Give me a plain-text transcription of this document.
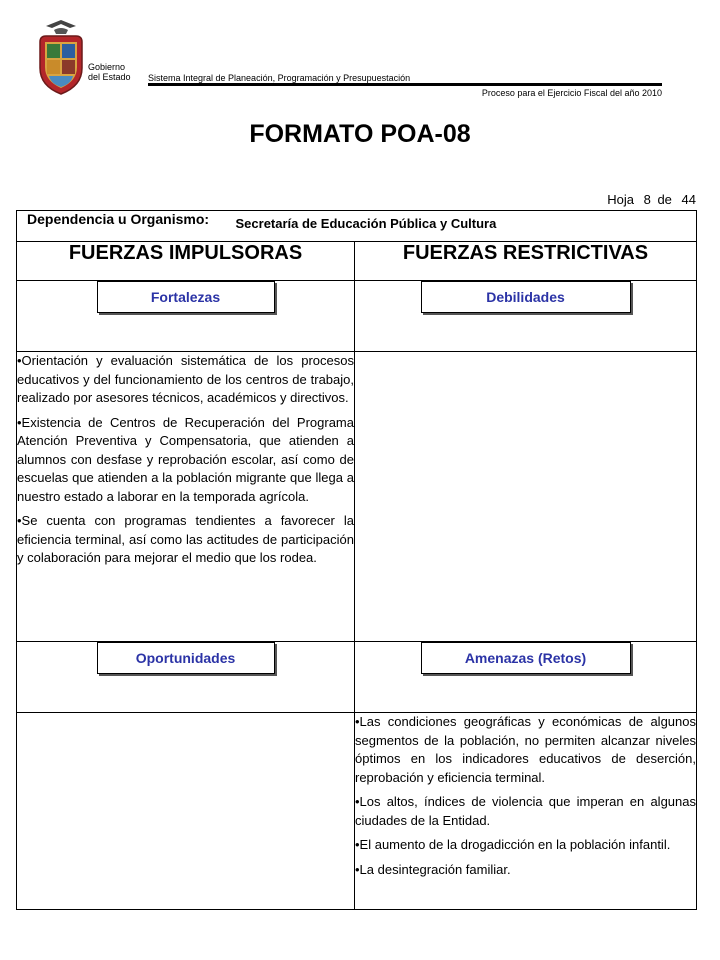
Gobierno
del Estado Sistema Integral de Planeación, Programación y Presupuestación
Proceso para el Ejercicio Fiscal del año 2010
FORMATO POA-08
Hoja 8 de 44
Dependencia u Organismo: Secretaría de Educación Pública y Cultura	
FUERZAS IMPULSORAS	FUERZAS RESTRICTIVAS
Fortalezas	Debilidades

•Orientación y evaluación sistemática de los procesos educativos y del funcionamiento de los centros de trabajo, realizado por asesores técnicos, académicos y directivos.

•Existencia de Centros de Recuperación del Programa Atención Preventiva y Compensatoria, que atienden a alumnos con desfase y reprobación escolar, así como de escuelas que atienden a la población migrante que llega a nuestro estado a laborar en la temporada agrícola.

•Se cuenta con programas tendientes a favorecer la eficiencia terminal, así como las actitudes de participación y colaboración para mejorar el medio que los rodea.	

Oportunidades	Amenazas (Retos)

	•Las condiciones geográficas y económicas de algunos segmentos de la población, no permiten alcanzar niveles óptimos en los indicadores educativos de deserción, reprobación y eficiencia terminal.

•Los altos, índices de violencia que imperan en algunas ciudades de la Entidad.

•El aumento de la drogadicción en la población infantil.

•La desintegración familiar.
